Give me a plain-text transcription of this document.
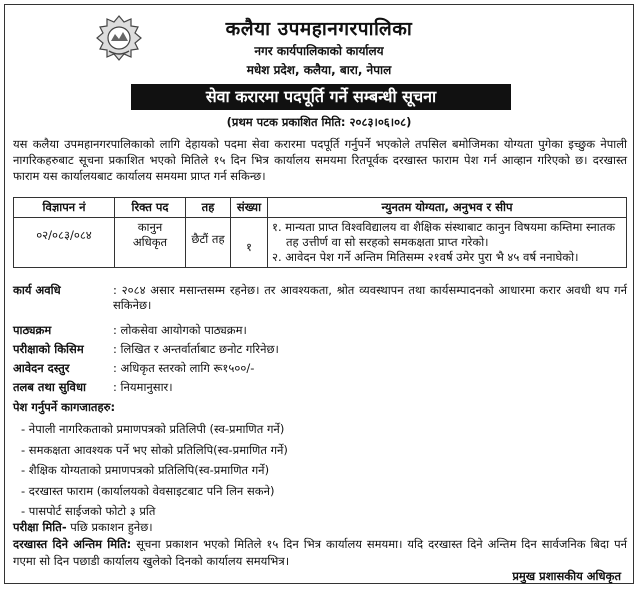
कलैया उपमहानगरपालिका
नगर कार्यपालिकाको कार्यालय
मधेश प्रदेश, कलैया, बारा, नेपाल
सेवा करारमा पदपूर्ति गर्ने सम्बन्धी सूचना
(प्रथम पटक प्रकाशित मिति: २०८३।०६।०८)
यस कलैया उपमहानगरपालिकाको लागि देहायको पदमा सेवा करारमा पदपूर्ति गर्नुपर्ने भएकोले तपसिल बमोजिमका योग्यता पुगेका इच्छुक नेपाली नागरिकहरुबाट सूचना प्रकाशित भएको मितिले १५ दिन भित्र कार्यालय समयमा रितपूर्वक दरखास्त फाराम पेश गर्न आव्हान गरिएको छ। दरखास्त फाराम यस कार्यालयबाट कार्यालय समयमा प्राप्त गर्न सकिन्छ।
विज्ञापन नं	रिक्त पद	तह	संख्या	न्युनतम योग्यता, अनुभव र सीप
०२/०८३/०८४	कानुन अधिकृत	छैटौं तह	१	१. मान्यता प्राप्त विश्वविद्यालय वा शैक्षिक संस्थाबाट कानुन विषयमा कम्तिमा स्नातक तह उत्तीर्ण वा सो सरहको समकक्षता प्राप्त गरेको।
२. आवेदन पेश गर्ने अन्तिम मितिसम्म २१वर्ष उमेर पुरा भै ४५ वर्ष ननाघेको।
कार्य अवधि	: २०८४ असार मसान्तसम्म रहनेछ। तर आवश्यकता, श्रोत व्यवस्थापन तथा कार्यसम्पादनको आधारमा करार अवधी थप गर्न सकिनेछ।
पाठ्यक्रम	: लोकसेवा आयोगको पाठ्यक्रम।
परीक्षाको किसिम	: लिखित र अन्तर्वार्ताबाट छनोट गरिनेछ।
आवेदन दस्तुर	: अधिकृत स्तरको लागि रू१५००/-
तलब तथा सुविधा	: नियमानुसार।
पेश गर्नुपर्ने कागजातहरु:
- नेपाली नागरिकताको प्रमाणपत्रको प्रतिलिपी (स्व-प्रमाणित गर्ने)
- समकक्षता आवश्यक पर्ने भए सोको प्रतिलिपि(स्व-प्रमाणित गर्ने)
- शैक्षिक योग्यताको प्रमाणपत्रको प्रतिलिपि(स्व-प्रमाणित गर्ने)
- दरखास्त फाराम (कार्यालयको वेवसाइटबाट पनि लिन सकने)
- पासपोर्ट साईजको फोटो ३ प्रति
परीक्षा मिति- पछि प्रकाशन हुनेछ।
दरखास्त दिने अन्तिम मिति: सूचना प्रकाशन भएको मितिले १५ दिन भित्र कार्यालय समयमा। यदि दरखास्त दिने अन्तिम दिन सार्वजनिक बिदा पर्न गएमा सो दिन पछाडी कार्यालय खुलेको दिनको कार्यालय समयभित्र।
प्रमुख प्रशासकीय अधिकृत
